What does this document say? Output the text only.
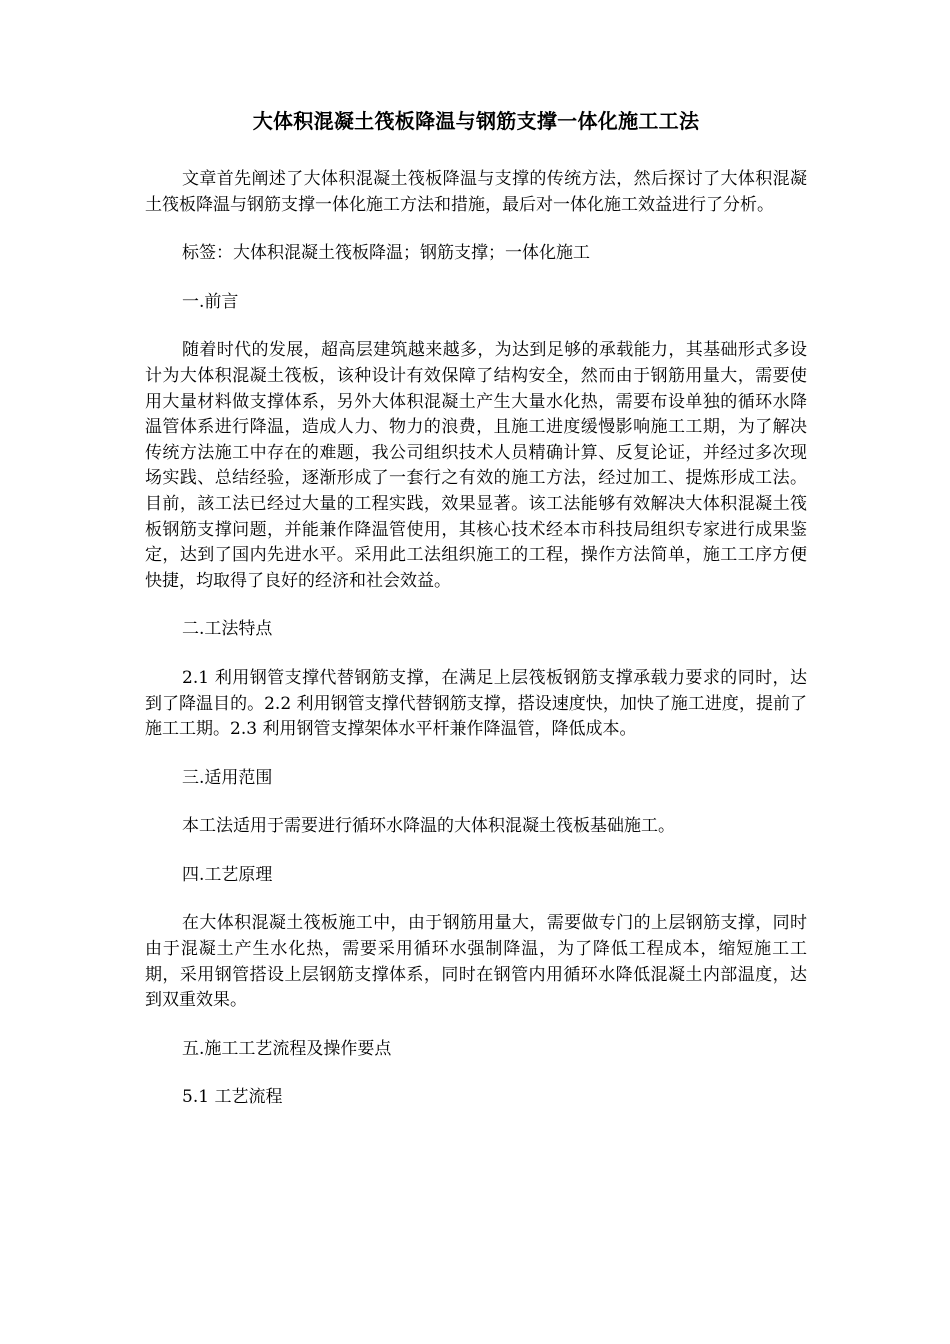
大体积混凝土筏板降温与钢筋支撑一体化施工工法

文章首先阐述了大体积混凝土筏板降温与支撑的传统方法，然后探讨了大体积混凝土筏板降温与钢筋支撑一体化施工方法和措施，最后对一体化施工效益进行了分析。

标签：大体积混凝土筏板降温；钢筋支撑；一体化施工

一.前言

随着时代的发展，超高层建筑越来越多，为达到足够的承载能力，其基础形式多设计为大体积混凝土筏板，该种设计有效保障了结构安全，然而由于钢筋用量大，需要使用大量材料做支撑体系，另外大体积混凝土产生大量水化热，需要布设单独的循环水降温管体系进行降温，造成人力、物力的浪费，且施工进度缓慢影响施工工期，为了解决传统方法施工中存在的难题，我公司组织技术人员精确计算、反复论证，并经过多次现场实践、总结经验，逐渐形成了一套行之有效的施工方法，经过加工、提炼形成工法。目前，該工法已经过大量的工程实践，效果显著。该工法能够有效解决大体积混凝土筏板钢筋支撑问题，并能兼作降温管使用，其核心技术经本市科技局组织专家进行成果鉴定，达到了国内先进水平。采用此工法组织施工的工程，操作方法简单，施工工序方便快捷，均取得了良好的经济和社会效益。

二.工法特点

2.1 利用钢管支撑代替钢筋支撑，在满足上层筏板钢筋支撑承载力要求的同时，达到了降温目的。2.2 利用钢管支撑代替钢筋支撑，搭设速度快，加快了施工进度，提前了施工工期。2.3 利用钢管支撑架体水平杆兼作降温管，降低成本。

三.适用范围

本工法适用于需要进行循环水降温的大体积混凝土筏板基础施工。

四.工艺原理

在大体积混凝土筏板施工中，由于钢筋用量大，需要做专门的上层钢筋支撑，同时由于混凝土产生水化热，需要采用循环水强制降温，为了降低工程成本，缩短施工工期，采用钢管搭设上层钢筋支撑体系，同时在钢管内用循环水降低混凝土内部温度，达到双重效果。

五.施工工艺流程及操作要点

5.1 工艺流程
